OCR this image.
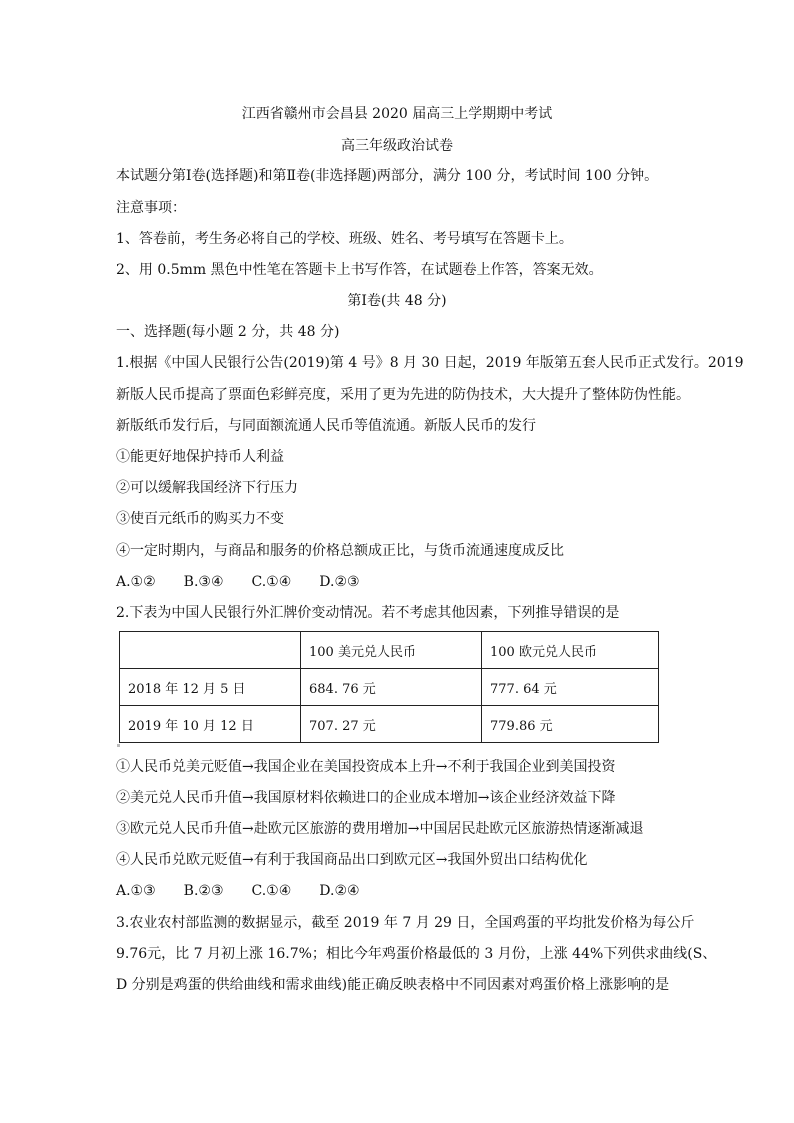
江西省赣州市会昌县 2020 届高三上学期期中考试
高三年级政治试卷
本试题分第Ⅰ卷(选择题)和第Ⅱ卷(非选择题)两部分，满分 100 分，考试时间 100 分钟。
注意事项：
1、答卷前，考生务必将自己的学校、班级、姓名、考号填写在答题卡上。
2、用 0.5mm 黑色中性笔在答题卡上书写作答，在试题卷上作答，答案无效。
第Ⅰ卷(共 48 分)
一、选择题(每小题 2 分，共 48 分)
1.根据《中国人民银行公告(2019)第 4 号》8 月 30 日起，2019 年版第五套人民币正式发行。2019
新版人民币提高了票面色彩鲜亮度，采用了更为先进的防伪技术，大大提升了整体防伪性能。
新版纸币发行后，与同面额流通人民币等值流通。新版人民币的发行
①能更好地保护持币人利益
②可以缓解我国经济下行压力
③使百元纸币的购买力不变
④一定时期内，与商品和服务的价格总额成正比，与货币流通速度成反比
A.①②　　B.③④　　C.①④　　D.②③
2.下表为中国人民银行外汇牌价变动情况。若不考虑其他因素，下列推导错误的是
	100 美元兑人民币	100 欧元兑人民币
2018 年 12 月 5 日	684. 76 元	777. 64 元
2019 年 10 月 12 日	707. 27 元	779.86 元
①人民币兑美元贬值→我国企业在美国投资成本上升→不利于我国企业到美国投资
②美元兑人民币升值→我国原材料依赖进口的企业成本增加→该企业经济效益下降
③欧元兑人民币升值→赴欧元区旅游的费用增加→中国居民赴欧元区旅游热情逐渐减退
④人民币兑欧元贬值→有利于我国商品出口到欧元区→我国外贸出口结构优化
A.①③　　B.②③　　C.①④　　D.②④
3.农业农村部监测的数据显示，截至 2019 年 7 月 29 日，全国鸡蛋的平均批发价格为每公斤
9.76元，比 7 月初上涨 16.7%；相比今年鸡蛋价格最低的 3 月份，上涨 44%下列供求曲线(S、
D 分别是鸡蛋的供给曲线和需求曲线)能正确反映表格中不同因素对鸡蛋价格上涨影响的是
